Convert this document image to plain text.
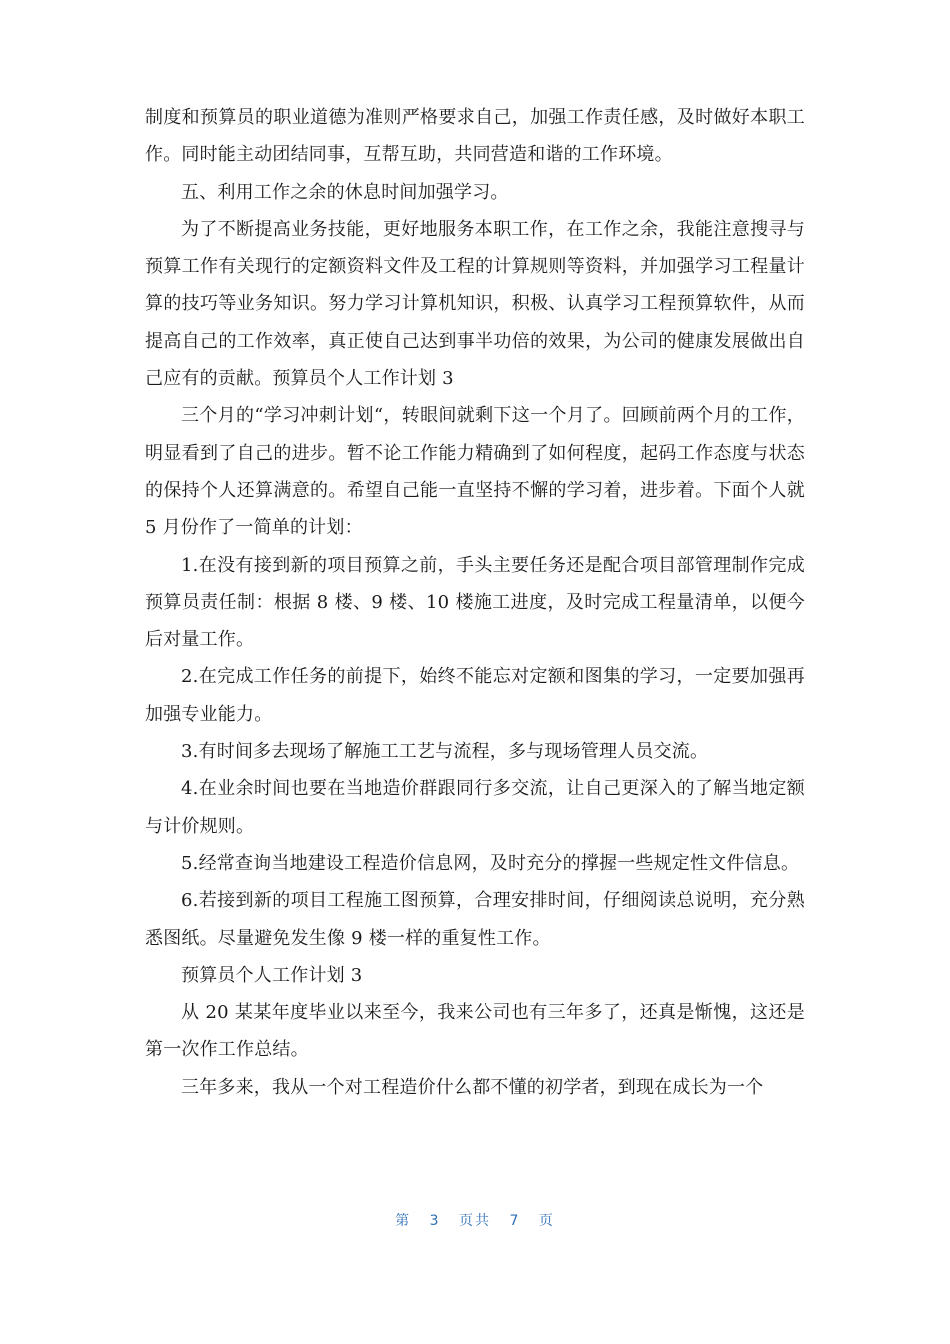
制度和预算员的职业道德为准则严格要求自己，加强工作责任感，及时做好本职工作。同时能主动团结同事，互帮互助，共同营造和谐的工作环境。

五、利用工作之余的休息时间加强学习。

为了不断提高业务技能，更好地服务本职工作，在工作之余，我能注意搜寻与预算工作有关现行的定额资料文件及工程的计算规则等资料，并加强学习工程量计算的技巧等业务知识。努力学习计算机知识，积极、认真学习工程预算软件，从而提高自己的工作效率，真正使自己达到事半功倍的效果，为公司的健康发展做出自己应有的贡献。预算员个人工作计划 3

三个月的“学习冲刺计划“，转眼间就剩下这一个月了。回顾前两个月的工作，明显看到了自己的进步。暂不论工作能力精确到了如何程度，起码工作态度与状态的保持个人还算满意的。希望自己能一直坚持不懈的学习着，进步着。下面个人就 5 月份作了一简单的计划：

1.在没有接到新的项目预算之前，手头主要任务还是配合项目部管理制作完成预算员责任制：根据 8 楼、9 楼、10 楼施工进度，及时完成工程量清单，以便今后对量工作。

2.在完成工作任务的前提下，始终不能忘对定额和图集的学习，一定要加强再加强专业能力。

3.有时间多去现场了解施工工艺与流程，多与现场管理人员交流。

4.在业余时间也要在当地造价群跟同行多交流，让自己更深入的了解当地定额与计价规则。

5.经常查询当地建设工程造价信息网，及时充分的撑握一些规定性文件信息。

6.若接到新的项目工程施工图预算，合理安排时间，仔细阅读总说明，充分熟悉图纸。尽量避免发生像 9 楼一样的重复性工作。

预算员个人工作计划 3

从 20 某某年度毕业以来至今，我来公司也有三年多了，还真是惭愧，这还是第一次作工作总结。

三年多来，我从一个对工程造价什么都不懂的初学者，到现在成长为一个

第 3 页共 7 页
